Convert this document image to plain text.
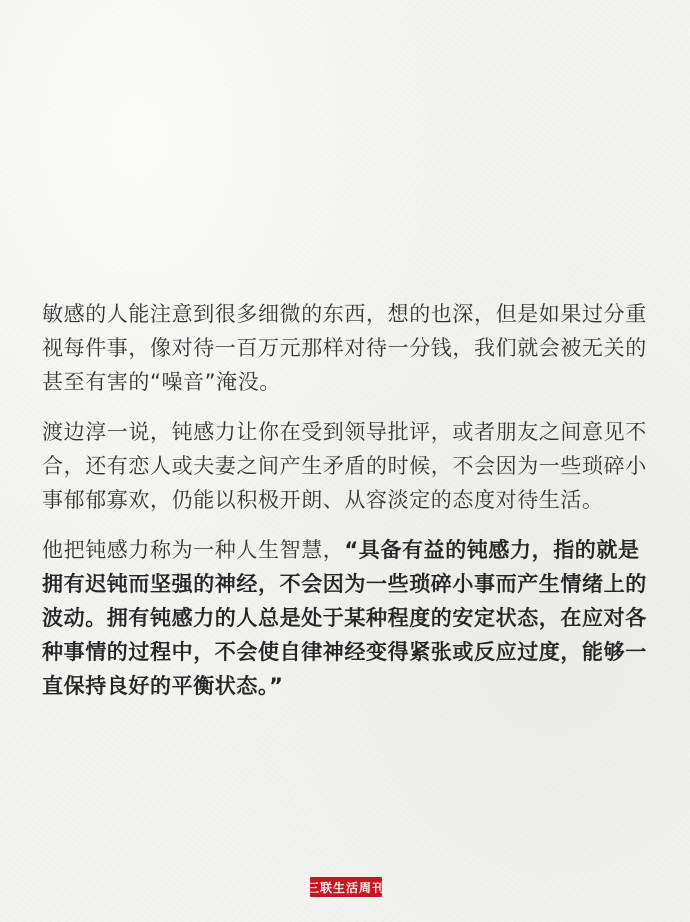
敏感的人能注意到很多细微的东西，想的也深，但是如果过分重视每件事，像对待一百万元那样对待一分钱，我们就会被无关的甚至有害的“噪音”淹没。

渡边淳一说，钝感力让你在受到领导批评，或者朋友之间意见不合，还有恋人或夫妻之间产生矛盾的时候，不会因为一些琐碎小事郁郁寡欢，仍能以积极开朗、从容淡定的态度对待生活。

他把钝感力称为一种人生智慧，“具备有益的钝感力，指的就是拥有迟钝而坚强的神经，不会因为一些琐碎小事而产生情绪上的波动。拥有钝感力的人总是处于某种程度的安定状态，在应对各种事情的过程中，不会使自律神经变得紧张或反应过度，能够一直保持良好的平衡状态。”

三联生活周刊
